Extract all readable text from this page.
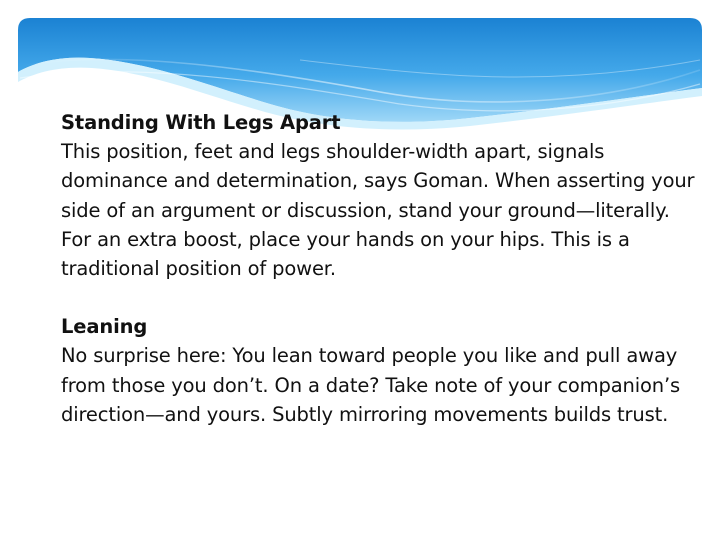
Standing With Legs Apart
This position, feet and legs shoulder-width apart, signals dominance and determination, says Goman. When asserting your side of an argument or discussion, stand your ground—literally. For an extra boost, place your hands on your hips. This is a traditional position of power.
Leaning
No surprise here: You lean toward people you like and pull away from those you don’t. On a date? Take note of your companion’s direction—and yours. Subtly mirroring movements builds trust.
